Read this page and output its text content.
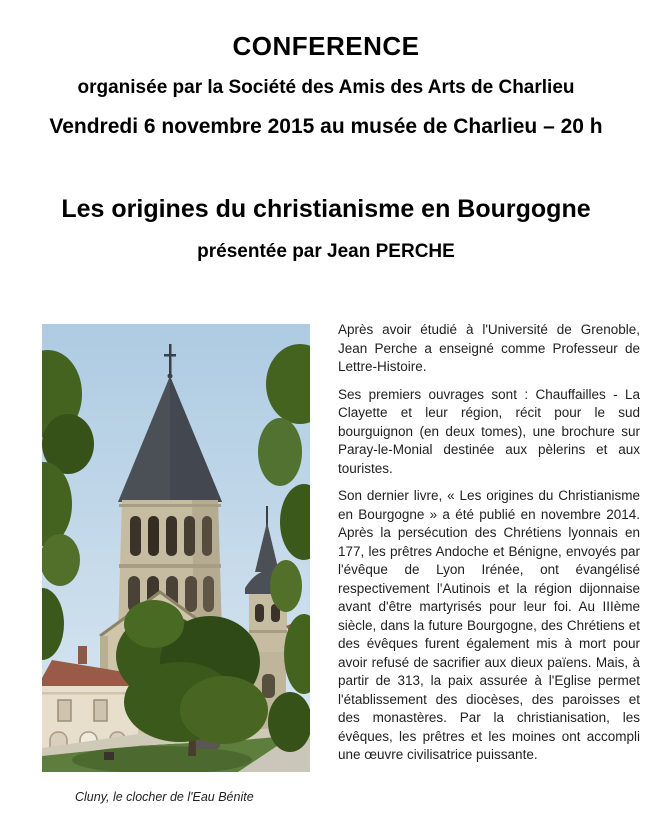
CONFERENCE
organisée par la Société des Amis des Arts de Charlieu
Vendredi 6 novembre 2015 au musée de Charlieu – 20 h
Les origines du christianisme en Bourgogne
présentée par Jean PERCHE

Après avoir étudié à l'Université de Grenoble, Jean Perche a enseigné comme Professeur de Lettre-Histoire.

Ses premiers ouvrages sont : Chauffailles - La Clayette et leur région, récit pour le sud bourguignon (en deux tomes), une brochure sur Paray-le-Monial destinée aux pèlerins et aux touristes.

Son dernier livre, « Les origines du Christianisme en Bourgogne » a été publié en novembre 2014. Après la persécution des Chrétiens lyonnais en 177, les prêtres Andoche et Bénigne, envoyés par l'évêque de Lyon Irénée, ont évangélisé respectivement l'Autinois et la région dijonnaise avant d'être martyrisés pour leur foi. Au IIIème siècle, dans la future Bourgogne, des Chrétiens et des évêques furent également mis à mort pour avoir refusé de sacrifier aux dieux païens. Mais, à partir de 313, la paix assurée à l'Eglise permet l'établissement des diocèses, des paroisses et des monastères. Par la christianisation, les évêques, les prêtres et les moines ont accompli une œuvre civilisatrice puissante.

Cluny, le clocher de l'Eau Bénite
